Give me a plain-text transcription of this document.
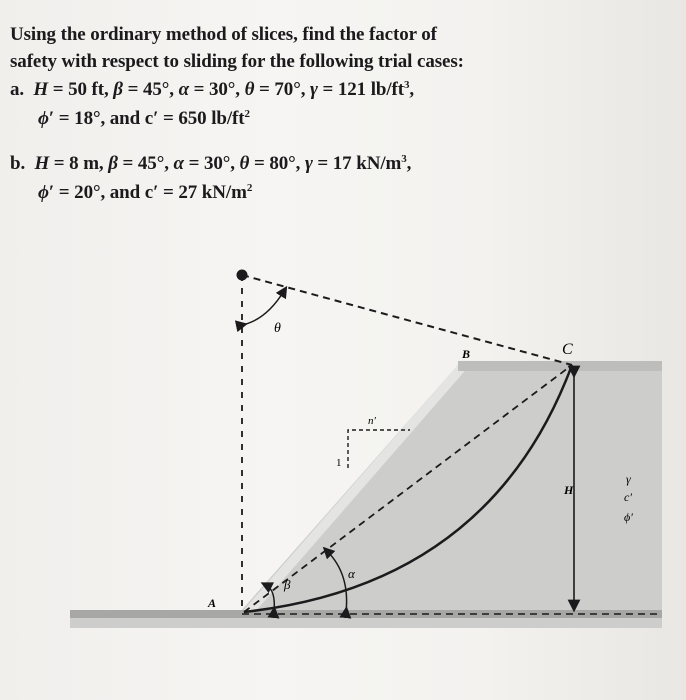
Using the ordinary method of slices, find the factor of
safety with respect to sliding for the following trial cases:
a. H = 50 ft, β = 45°, α = 30°, θ = 70°, γ = 121 $lb/ft^3$,
ϕ′ = 18°, and c′ = 650 $lb/ft^2$
b. H = 8 m, β = 45°, α = 30°, θ = 80°, γ = 17 $kN/m^3$,
ϕ′ = 20°, and c′ = 27 $kN/m^2$
θ
B	C
n′
1
H
β
α
A
γ
c′
ϕ′
